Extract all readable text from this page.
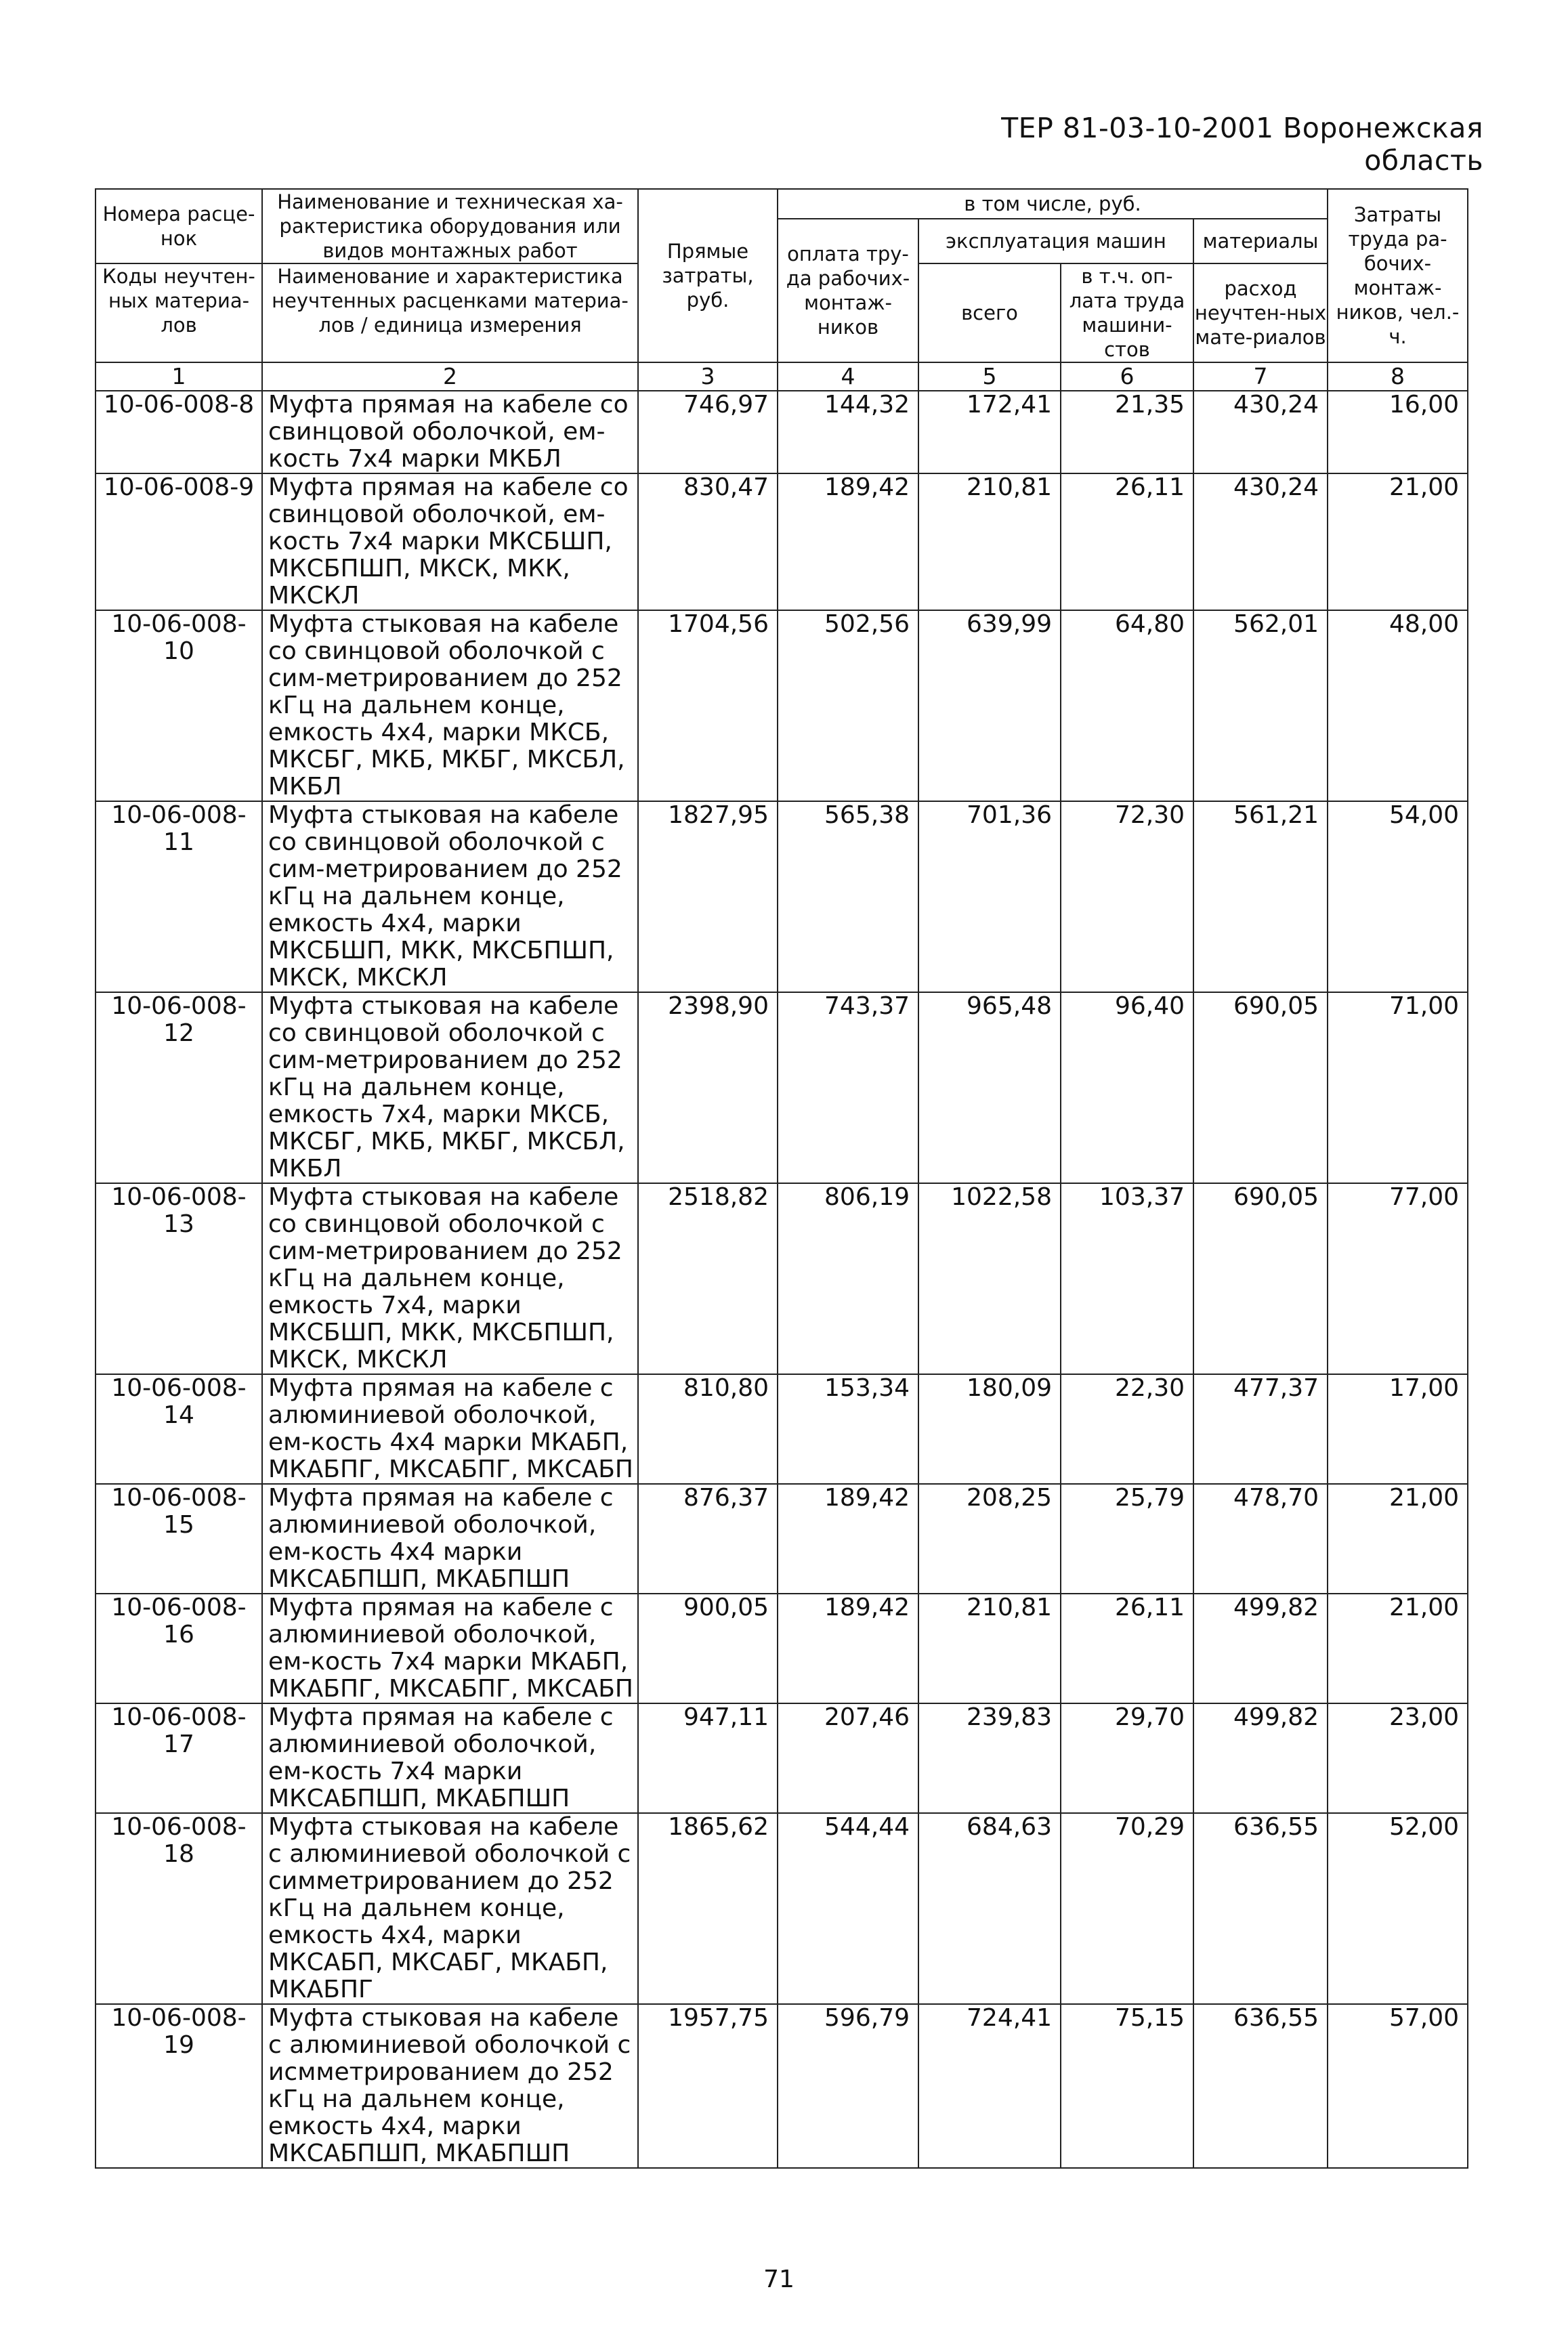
ТЕР 81-03-10-2001 Воронежская область
Номера расце-нок	Наименование и техническая ха-рактеристика оборудования или видов монтажных работ	Прямые затраты, руб.	в том числе, руб.				Затраты труда ра-бочих-монтаж-ников, чел.-ч.
			оплата тру-да рабочих-монтаж-ников	эксплуатация машин		материалы	
Коды неучтен-ных материа-лов	Наименование и характеристика неучтенных расценками материа-лов / единица измерения			всего	в т.ч. оп-лата труда машини-стов	расход неучтен-ных мате-риалов	

1	2	3	4	5	6	7	8
10-06-008-8	Муфта прямая на кабеле со свинцовой оболочкой, ем-кость 7х4 марки МКБЛ	746,97	144,32	172,41	21,35	430,24	16,00
10-06-008-9	Муфта прямая на кабеле со свинцовой оболочкой, ем-кость 7х4 марки МКСБШП, МКСБПШП, МКСК, МКК, МКСКЛ	830,47	189,42	210,81	26,11	430,24	21,00
10-06-008-10	Муфта стыковая на кабеле со свинцовой оболочкой с сим-метрированием до 252 кГц на дальнем конце, емкость 4х4, марки МКСБ, МКСБГ, МКБ, МКБГ, МКСБЛ, МКБЛ	1704,56	502,56	639,99	64,80	562,01	48,00
10-06-008-11	Муфта стыковая на кабеле со свинцовой оболочкой с сим-метрированием до 252 кГц на дальнем конце, емкость 4х4, марки МКСБШП, МКК, МКСБПШП, МКСК, МКСКЛ	1827,95	565,38	701,36	72,30	561,21	54,00
10-06-008-12	Муфта стыковая на кабеле со свинцовой оболочкой с сим-метрированием до 252 кГц на дальнем конце, емкость 7х4, марки МКСБ, МКСБГ, МКБ, МКБГ, МКСБЛ, МКБЛ	2398,90	743,37	965,48	96,40	690,05	71,00
10-06-008-13	Муфта стыковая на кабеле со свинцовой оболочкой с сим-метрированием до 252 кГц на дальнем конце, емкость 7х4, марки МКСБШП, МКК, МКСБПШП, МКСК, МКСКЛ	2518,82	806,19	1022,58	103,37	690,05	77,00
10-06-008-14	Муфта прямая на кабеле с алюминиевой оболочкой, ем-кость 4х4 марки МКАБП, МКАБПГ, МКСАБПГ, МКСАБП	810,80	153,34	180,09	22,30	477,37	17,00
10-06-008-15	Муфта прямая на кабеле с алюминиевой оболочкой, ем-кость 4х4 марки МКСАБПШП, МКАБПШП	876,37	189,42	208,25	25,79	478,70	21,00
10-06-008-16	Муфта прямая на кабеле с алюминиевой оболочкой, ем-кость 7х4 марки МКАБП, МКАБПГ, МКСАБПГ, МКСАБП	900,05	189,42	210,81	26,11	499,82	21,00
10-06-008-17	Муфта прямая на кабеле с алюминиевой оболочкой, ем-кость 7х4 марки МКСАБПШП, МКАБПШП	947,11	207,46	239,83	29,70	499,82	23,00
10-06-008-18	Муфта стыковая на кабеле с алюминиевой оболочкой с симметрированием до 252 кГц на дальнем конце, емкость 4х4, марки МКСАБП, МКСАБГ, МКАБП, МКАБПГ	1865,62	544,44	684,63	70,29	636,55	52,00
10-06-008-19	Муфта стыковая на кабеле с алюминиевой оболочкой с исмметрированием до 252 кГц на дальнем конце, емкость 4х4, марки МКСАБПШП, МКАБПШП	1957,75	596,79	724,41	75,15	636,55	57,00
71
